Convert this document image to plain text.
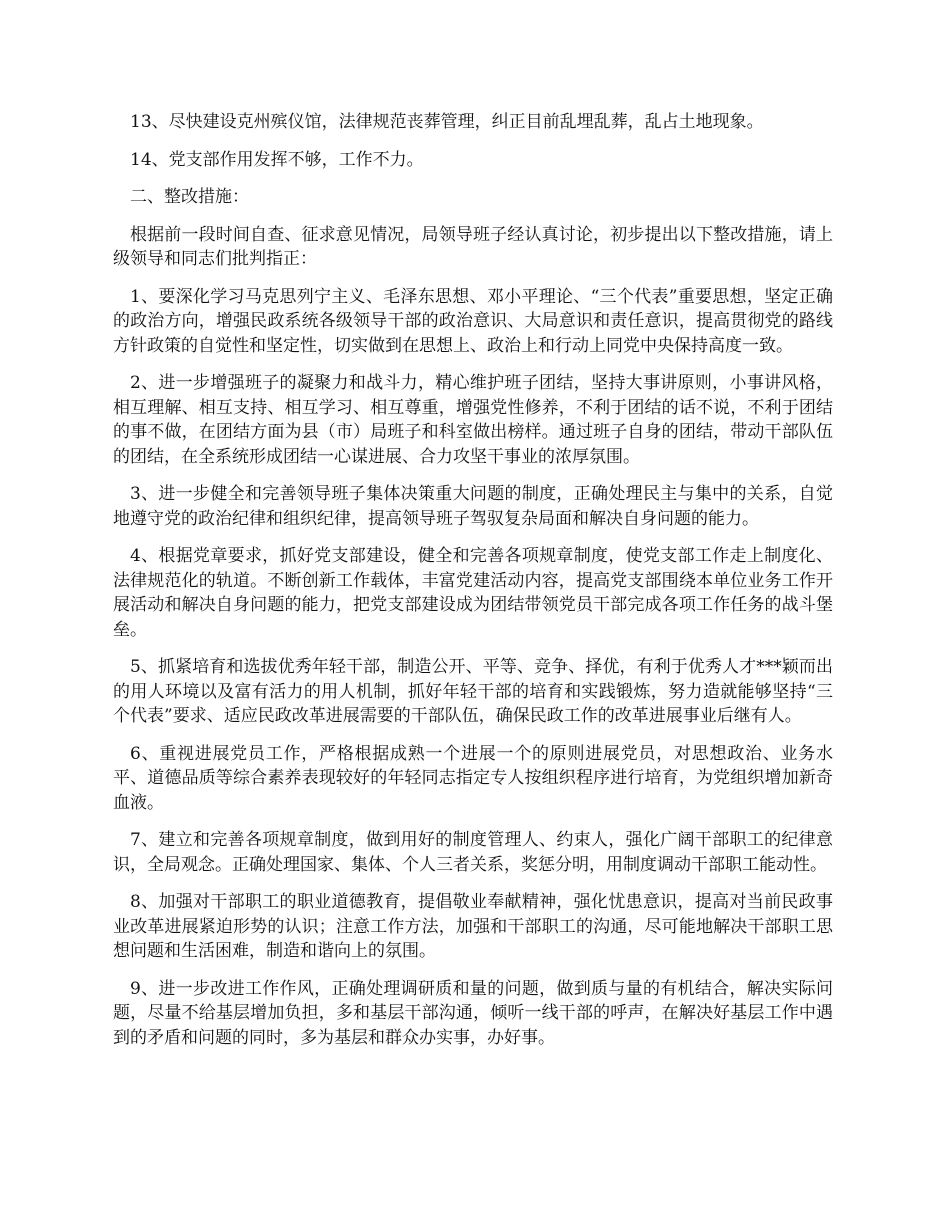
13、尽快建设克州殡仪馆，法律规范丧葬管理，纠正目前乱埋乱葬，乱占土地现象。

14、党支部作用发挥不够，工作不力。

二、整改措施：

根据前一段时间自查、征求意见情况，局领导班子经认真讨论，初步提出以下整改措施，请上级领导和同志们批判指正：

1、要深化学习马克思列宁主义、毛泽东思想、邓小平理论、“三个代表”重要思想，坚定正确的政治方向，增强民政系统各级领导干部的政治意识、大局意识和责任意识，提高贯彻党的路线方针政策的自觉性和坚定性，切实做到在思想上、政治上和行动上同党中央保持高度一致。

2、进一步增强班子的凝聚力和战斗力，精心维护班子团结，坚持大事讲原则，小事讲风格，相互理解、相互支持、相互学习、相互尊重，增强党性修养，不利于团结的话不说，不利于团结的事不做，在团结方面为县（市）局班子和科室做出榜样。通过班子自身的团结，带动干部队伍的团结，在全系统形成团结一心谋进展、合力攻坚干事业的浓厚氛围。

3、进一步健全和完善领导班子集体决策重大问题的制度，正确处理民主与集中的关系，自觉地遵守党的政治纪律和组织纪律，提高领导班子驾驭复杂局面和解决自身问题的能力。

4、根据党章要求，抓好党支部建设，健全和完善各项规章制度，使党支部工作走上制度化、法律规范化的轨道。不断创新工作载体，丰富党建活动内容，提高党支部围绕本单位业务工作开展活动和解决自身问题的能力，把党支部建设成为团结带领党员干部完成各项工作任务的战斗堡垒。

5、抓紧培育和选拔优秀年轻干部，制造公开、平等、竞争、择优，有利于优秀人才***颖而出的用人环境以及富有活力的用人机制，抓好年轻干部的培育和实践锻炼，努力造就能够坚持“三个代表”要求、适应民政改革进展需要的干部队伍，确保民政工作的改革进展事业后继有人。

6、重视进展党员工作，严格根据成熟一个进展一个的原则进展党员，对思想政治、业务水平、道德品质等综合素养表现较好的年轻同志指定专人按组织程序进行培育，为党组织增加新奇血液。

7、建立和完善各项规章制度，做到用好的制度管理人、约束人，强化广阔干部职工的纪律意识，全局观念。正确处理国家、集体、个人三者关系，奖惩分明，用制度调动干部职工能动性。

8、加强对干部职工的职业道德教育，提倡敬业奉献精神，强化忧患意识，提高对当前民政事业改革进展紧迫形势的认识；注意工作方法，加强和干部职工的沟通，尽可能地解决干部职工思想问题和生活困难，制造和谐向上的氛围。

9、进一步改进工作作风，正确处理调研质和量的问题，做到质与量的有机结合，解决实际问题，尽量不给基层增加负担，多和基层干部沟通，倾听一线干部的呼声，在解决好基层工作中遇到的矛盾和问题的同时，多为基层和群众办实事，办好事。
